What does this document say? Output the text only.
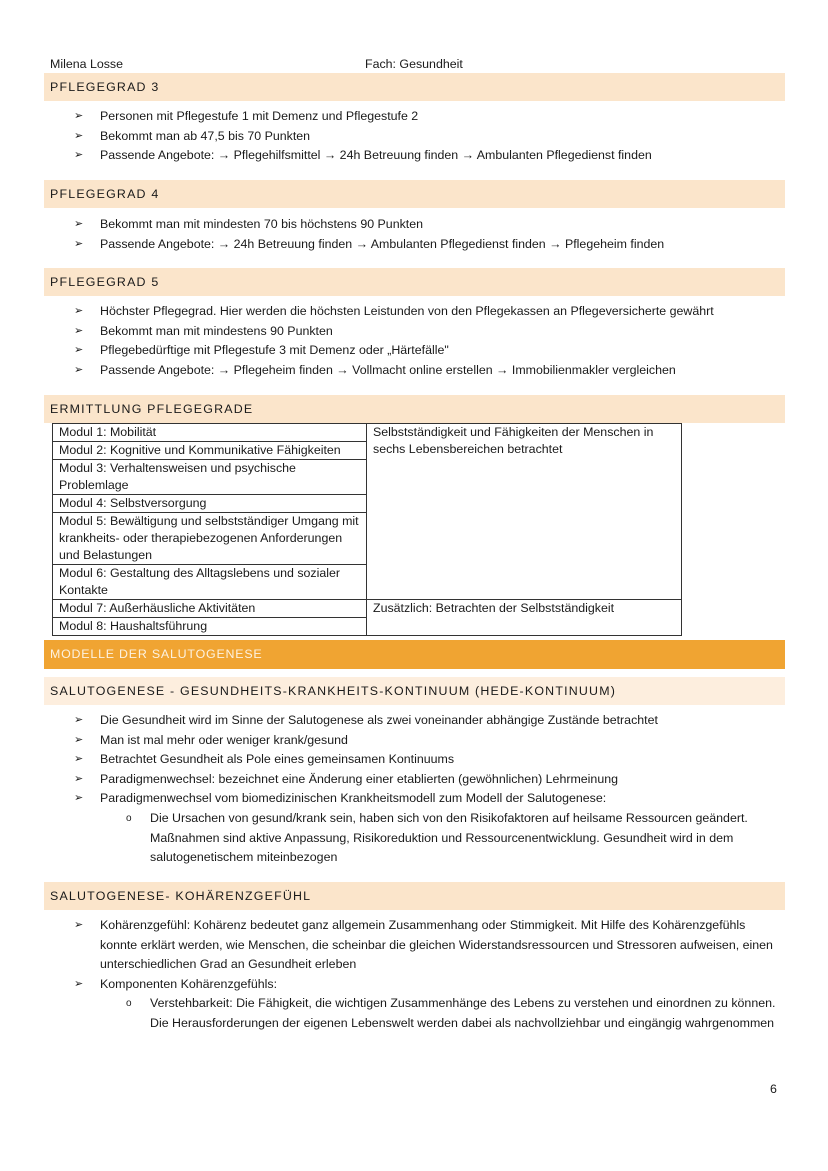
Milena Losse	Fach: Gesundheit
PFLEGEGRAD 3
➢ Personen mit Pflegestufe 1 mit Demenz und Pflegestufe 2
➢ Bekommt man ab 47,5 bis 70 Punkten
➢ Passende Angebote: → Pflegehilfsmittel → 24h Betreuung finden → Ambulanten Pflegedienst finden
PFLEGEGRAD 4
➢ Bekommt man mit mindesten 70 bis höchstens 90 Punkten
➢ Passende Angebote: → 24h Betreuung finden → Ambulanten Pflegedienst finden → Pflegeheim finden
PFLEGEGRAD 5
➢ Höchster Pflegegrad. Hier werden die höchsten Leistunden von den Pflegekassen an Pflegeversicherte gewährt
➢ Bekommt man mit mindestens 90 Punkten
➢ Pflegebedürftige mit Pflegestufe 3 mit Demenz oder „Härtefälle"
➢ Passende Angebote: → Pflegeheim finden → Vollmacht online erstellen → Immobilienmakler vergleichen
ERMITTLUNG PFLEGEGRADE
Modul 1: Mobilität	Selbstständigkeit und Fähigkeiten der Menschen in sechs Lebensbereichen betrachtet
Modul 2: Kognitive und Kommunikative Fähigkeiten	
Modul 3: Verhaltensweisen und psychische Problemlage	
Modul 4: Selbstversorgung	
Modul 5: Bewältigung und selbstständiger Umgang mit krankheits- oder therapiebezogenen Anforderungen und Belastungen	
Modul 6: Gestaltung des Alltagslebens und sozialer Kontakte	
Modul 7: Außerhäusliche Aktivitäten	Zusätzlich: Betrachten der Selbstständigkeit
Modul 8: Haushaltsführung	
MODELLE DER SALUTOGENESE
SALUTOGENESE - GESUNDHEITS-KRANKHEITS-KONTINUUM (HEDE-KONTINUUM)
➢ Die Gesundheit wird im Sinne der Salutogenese als zwei voneinander abhängige Zustände betrachtet
➢ Man ist mal mehr oder weniger krank/gesund
➢ Betrachtet Gesundheit als Pole eines gemeinsamen Kontinuums
➢ Paradigmenwechsel: bezeichnet eine Änderung einer etablierten (gewöhnlichen) Lehrmeinung
➢ Paradigmenwechsel vom biomedizinischen Krankheitsmodell zum Modell der Salutogenese:
o Die Ursachen von gesund/krank sein, haben sich von den Risikofaktoren auf heilsame Ressourcen geändert. Maßnahmen sind aktive Anpassung, Risikoreduktion und Ressourcenentwicklung. Gesundheit wird in dem salutogenetischem miteinbezogen
SALUTOGENESE- KOHÄRENZGEFÜHL
➢ Kohärenzgefühl: Kohärenz bedeutet ganz allgemein Zusammenhang oder Stimmigkeit. Mit Hilfe des Kohärenzgefühls konnte erklärt werden, wie Menschen, die scheinbar die gleichen Widerstandsressourcen und Stressoren aufweisen, einen unterschiedlichen Grad an Gesundheit erleben
➢ Komponenten Kohärenzgefühls:
o Verstehbarkeit: Die Fähigkeit, die wichtigen Zusammenhänge des Lebens zu verstehen und einordnen zu können. Die Herausforderungen der eigenen Lebenswelt werden dabei als nachvollziehbar und eingängig wahrgenommen
6
